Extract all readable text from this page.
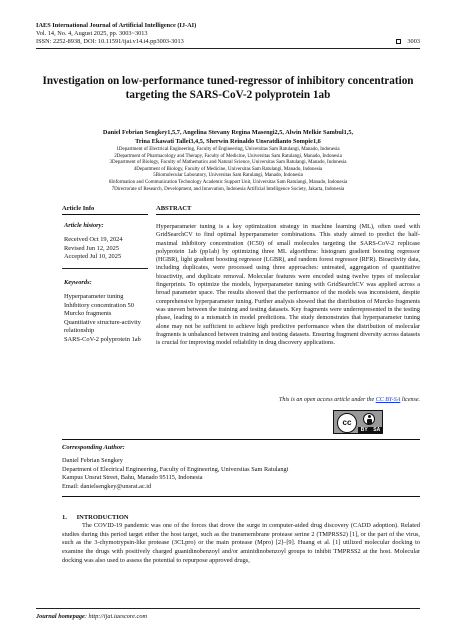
IAES International Journal of Artificial Intelligence (IJ-AI)
Vol. 14, No. 4, August 2025, pp. 3003~3013
ISSN: 2252-8938, DOI: 10.11591/ijai.v14.i4.pp3003-3013	3003
Investigation on low-performance tuned-regressor of inhibitory concentration targeting the SARS-CoV-2 polyprotein 1ab
Daniel Febrian Sengkey1,5,7, Angelina Stevany Regina Masengi2,5, Alwin Melkie Sambul1,5,
Trina Ekawati Tallei3,4,5, Sherwin Reinaldo Unsratdianto Sompie1,6
1Department of Electrical Engineering, Faculty of Engineering, Universitas Sam Ratulangi, Manado, Indonesia
2Department of Pharmacology and Therapy, Faculty of Medicine, Universitas Sam Ratulangi, Manado, Indonesia
3Department of Biology, Faculty of Mathematics and Natural Science, Universitas Sam Ratulangi, Manado, Indonesia
4Department of Biology, Faculty of Medicine, Universitas Sam Ratulangi, Manado, Indonesia
5Biomolecular Laboratory, Universitas Sam Ratulangi, Manado, Indonesia
6Information and Communication Technology Academic Support Unit, Universitas Sam Ratulangi, Manado, Indonesia
7Directorate of Research, Development, and Innovation, Indonesia Artificial Intelligence Society, Jakarta, Indonesia
Article Info	ABSTRACT
Article history:
Received Oct 19, 2024
Revised Jun 12, 2025
Accepted Jul 10, 2025
Keywords:
Hyperparameter tuning
Inhibitory concentration 50
Murcko fragments
Quantitative structure-activity relationship
SARS-CoV-2 polyprotein 1ab
Hyperparameter tuning is a key optimization strategy in machine learning (ML), often used with GridSearchCV to find optimal hyperparameter combinations. This study aimed to predict the half-maximal inhibitory concentration (IC50) of small molecules targeting the SARS-CoV-2 replicase polyprotein 1ab (pp1ab) by optimizing three ML algorithms: histogram gradient boosting regressor (HGBR), light gradient boosting regressor (LGBR), and random forest regressor (RFR). Bioactivity data, including duplicates, were processed using three approaches: untreated, aggregation of quantitative bioactivity, and duplicate removal. Molecular features were encoded using twelve types of molecular fingerprints. To optimize the models, hyperparameter tuning with GridSearchCV was applied across a broad parameter space. The results showed that the performance of the models was inconsistent, despite comprehensive hyperparameter tuning. Further analysis showed that the distribution of Murcko fragments was uneven between the training and testing datasets. Key fragments were underrepresented in the testing phase, leading to a mismatch in model predictions. The study demonstrates that hyperparameter tuning alone may not be sufficient to achieve high predictive performance when the distribution of molecular fragments is unbalanced between training and testing datasets. Ensuring fragment diversity across datasets is crucial for improving model reliability in drug discovery applications.
This is an open access article under the CC BY-SA license.
cc
BY SA
Corresponding Author:
Daniel Febrian Sengkey
Department of Electrical Engineering, Faculty of Engineering, Universitas Sam Ratulangi
Kampus Unsrat Street, Bahu, Manado 95115, Indonesia
Email: danielsengkey@unsrat.ac.id
1.      INTRODUCTION
The COVID-19 pandemic was one of the forces that drove the surge in computer-aided drug discovery (CADD adoption). Related studies during this period target either the host target, such as the transmembrane protease serine 2 (TMPRSS2) [1], or the part of the virus, such as the 3-chymotrypsin-like protease (3CLpro) or the main protease (Mpro) [2]–[9]. Huang et al. [1] utilized molecular docking to examine the drugs with positively charged guanidinobenzoyl and/or aminidinobenzoyl groups to inhibit TMPRSS2 at the host. Molecular docking was also used to assess the potential to repurpose approved drugs,
Journal homepage: http://ijai.iaescore.com
